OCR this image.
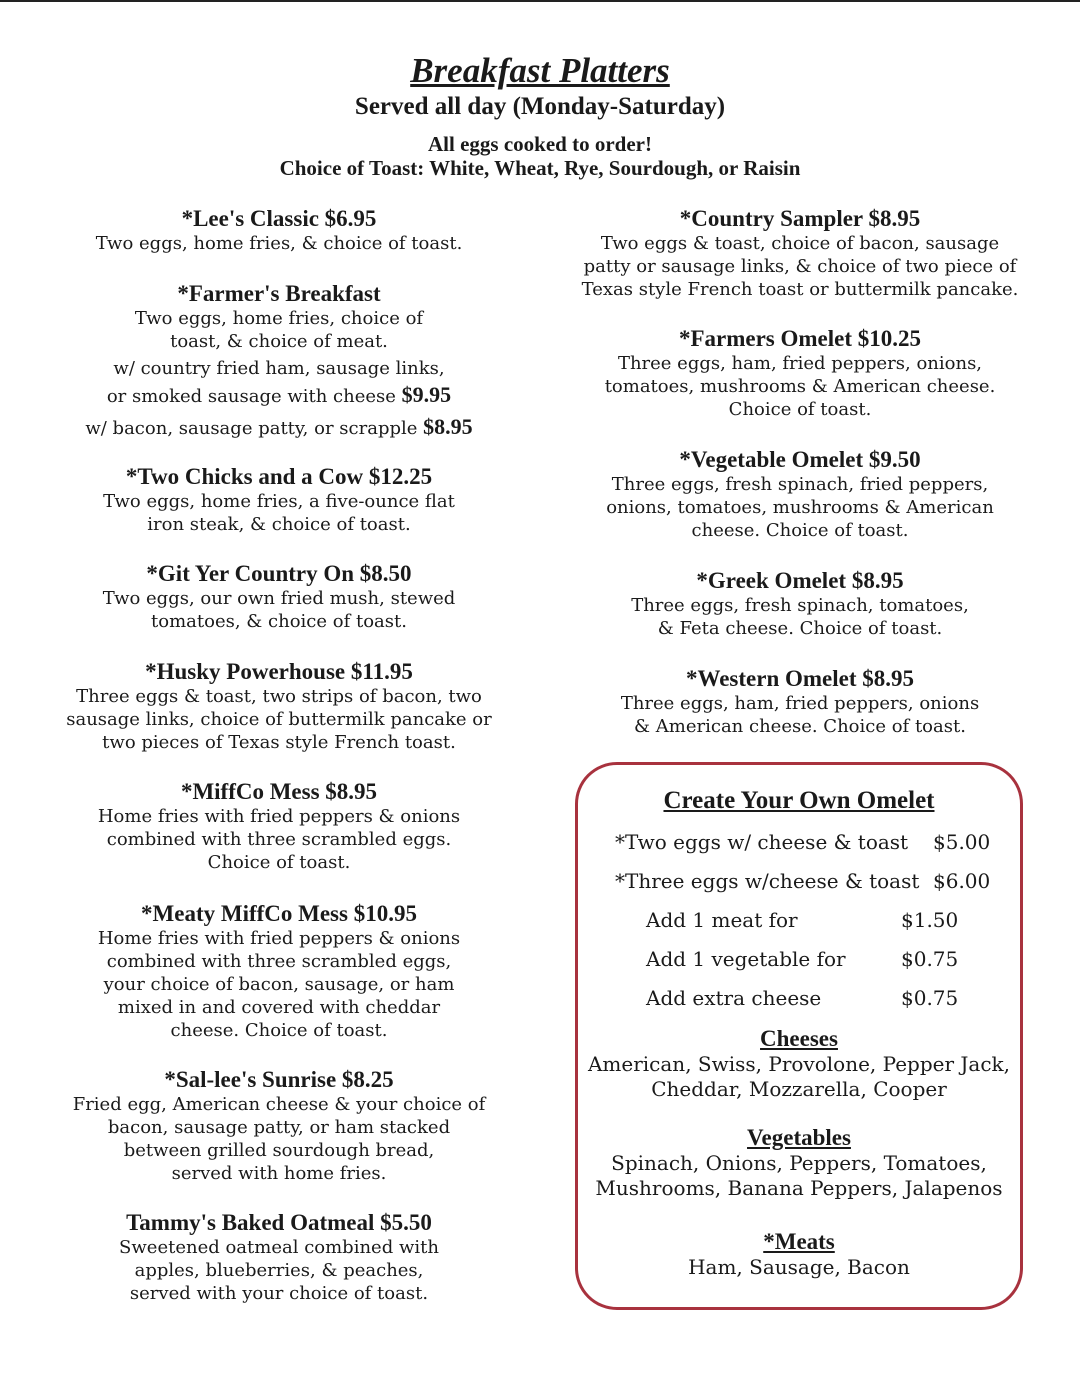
Breakfast Platters
Served all day (Monday-Saturday)
All eggs cooked to order!
Choice of Toast: White, Wheat, Rye, Sourdough, or Raisin
*Lee's Classic $6.95
Two eggs, home fries, & choice of toast.
*Farmer's Breakfast
Two eggs, home fries, choice of
toast, & choice of meat.
w/ country fried ham, sausage links,
or smoked sausage with cheese $9.95
w/ bacon, sausage patty, or scrapple $8.95
*Two Chicks and a Cow $12.25
Two eggs, home fries, a five-ounce flat
iron steak, & choice of toast.
*Git Yer Country On $8.50
Two eggs, our own fried mush, stewed
tomatoes, & choice of toast.
*Husky Powerhouse $11.95
Three eggs & toast, two strips of bacon, two
sausage links, choice of buttermilk pancake or
two pieces of Texas style French toast.
*MiffCo Mess $8.95
Home fries with fried peppers & onions
combined with three scrambled eggs.
Choice of toast.
*Meaty MiffCo Mess $10.95
Home fries with fried peppers & onions
combined with three scrambled eggs,
your choice of bacon, sausage, or ham
mixed in and covered with cheddar
cheese. Choice of toast.
*Sal-lee's Sunrise $8.25
Fried egg, American cheese & your choice of
bacon, sausage patty, or ham stacked
between grilled sourdough bread,
served with home fries.
Tammy's Baked Oatmeal $5.50
Sweetened oatmeal combined with
apples, blueberries, & peaches,
served with your choice of toast.
*Country Sampler $8.95
Two eggs & toast, choice of bacon, sausage
patty or sausage links, & choice of two piece of
Texas style French toast or buttermilk pancake.
*Farmers Omelet $10.25
Three eggs, ham, fried peppers, onions,
tomatoes, mushrooms & American cheese.
Choice of toast.
*Vegetable Omelet $9.50
Three eggs, fresh spinach, fried peppers,
onions, tomatoes, mushrooms & American
cheese. Choice of toast.
*Greek Omelet $8.95
Three eggs, fresh spinach, tomatoes,
& Feta cheese. Choice of toast.
*Western Omelet $8.95
Three eggs, ham, fried peppers, onions
& American cheese. Choice of toast.
Create Your Own Omelet
*Two eggs w/ cheese & toast $5.00
*Three eggs w/cheese & toast $6.00
Add 1 meat for	$1.50
Add 1 vegetable for	$0.75
Add extra cheese	$0.75
Cheeses
American, Swiss, Provolone, Pepper Jack,
Cheddar, Mozzarella, Cooper
Vegetables
Spinach, Onions, Peppers, Tomatoes,
Mushrooms, Banana Peppers, Jalapenos
*Meats
Ham, Sausage, Bacon
